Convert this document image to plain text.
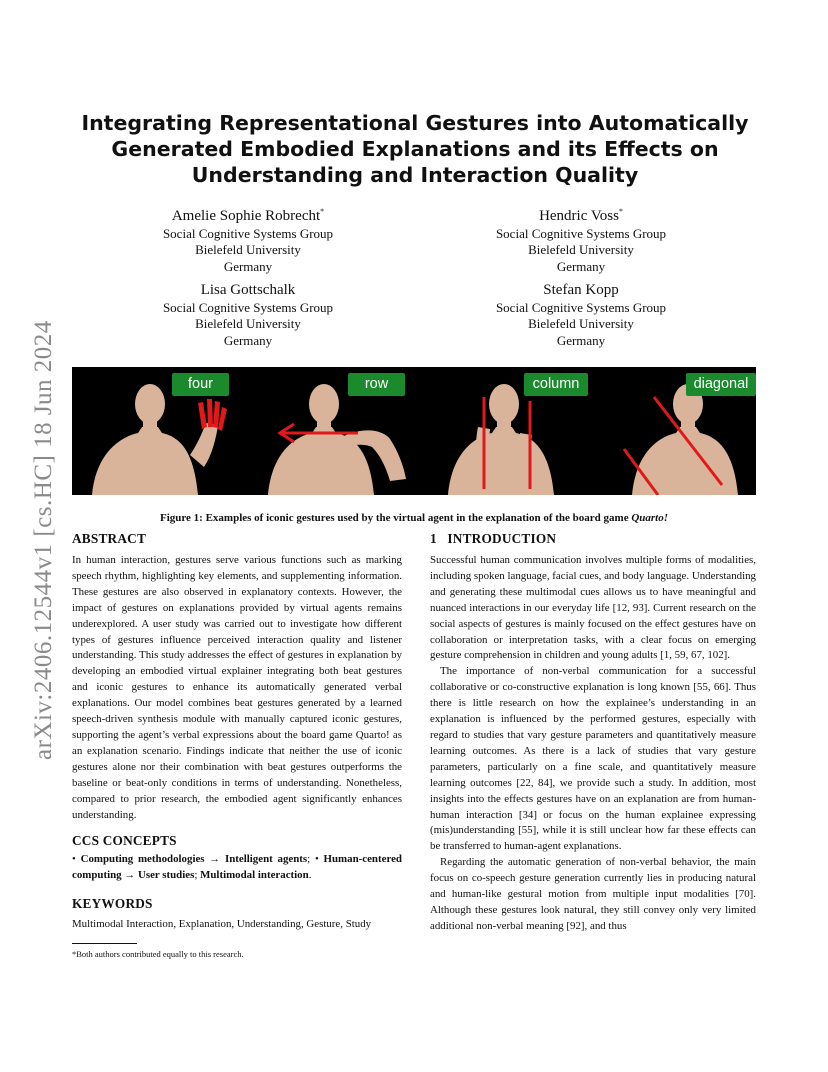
arXiv:2406.12544v1 [cs.HC] 18 Jun 2024
Integrating Representational Gestures into Automatically Generated Embodied Explanations and its Effects on Understanding and Interaction Quality
Amelie Sophie Robrecht*
Social Cognitive Systems Group
Bielefeld University
Germany
Hendric Voss*
Social Cognitive Systems Group
Bielefeld University
Germany
Lisa Gottschalk
Social Cognitive Systems Group
Bielefeld University
Germany
Stefan Kopp
Social Cognitive Systems Group
Bielefeld University
Germany
four	row	column	diagonal
Figure 1: Examples of iconic gestures used by the virtual agent in the explanation of the board game Quarto!
ABSTRACT

In human interaction, gestures serve various functions such as marking speech rhythm, highlighting key elements, and supplementing information. These gestures are also observed in explanatory contexts. However, the impact of gestures on explanations provided by virtual agents remains underexplored. A user study was carried out to investigate how different types of gestures influence perceived interaction quality and listener understanding. This study addresses the effect of gestures in explanation by developing an embodied virtual explainer integrating both beat gestures and iconic gestures to enhance its automatically generated verbal explanations. Our model combines beat gestures generated by a learned speech-driven synthesis module with manually captured iconic gestures, supporting the agent’s verbal expressions about the board game Quarto! as an explanation scenario. Findings indicate that neither the use of iconic gestures alone nor their combination with beat gestures outperforms the baseline or beat-only conditions in terms of understanding. Nonetheless, compared to prior research, the embodied agent significantly enhances understanding.

CCS CONCEPTS
• Computing methodologies → Intelligent agents; • Human-centered computing → User studies; Multimodal interaction.
KEYWORDS
Multimodal Interaction, Explanation, Understanding, Gesture, Study
*Both authors contributed equally to this research.
1   INTRODUCTION

Successful human communication involves multiple forms of modalities, including spoken language, facial cues, and body language. Understanding and generating these multimodal cues allows us to have meaningful and nuanced interactions in our everyday life [12, 93]. Current research on the social aspects of gestures is mainly focused on the effect gestures have on collaboration or interpretation tasks, with a clear focus on emerging gesture comprehension in children and young adults [1, 59, 67, 102].

The importance of non-verbal communication for a successful collaborative or co-constructive explanation is long known [55, 66]. Thus there is little research on how the explainee’s understanding in an explanation is influenced by the performed gestures, especially with regard to studies that vary gesture parameters and quantitatively measure learning outcomes. As there is a lack of studies that vary gesture parameters, particularly on a fine scale, and quantitatively measure learning outcomes [22, 84], we provide such a study. In addition, most insights into the effects gestures have on an explanation are from human-human interaction [34] or focus on the human explainee expressing (mis)understanding [55], while it is still unclear how far these effects can be transferred to human-agent explanations.

Regarding the automatic generation of non-verbal behavior, the main focus on co-speech gesture generation currently lies in producing natural and human-like gestural motion from multiple input modalities [70]. Although these gestures look natural, they still convey only very limited additional non-verbal meaning [92], and thus
